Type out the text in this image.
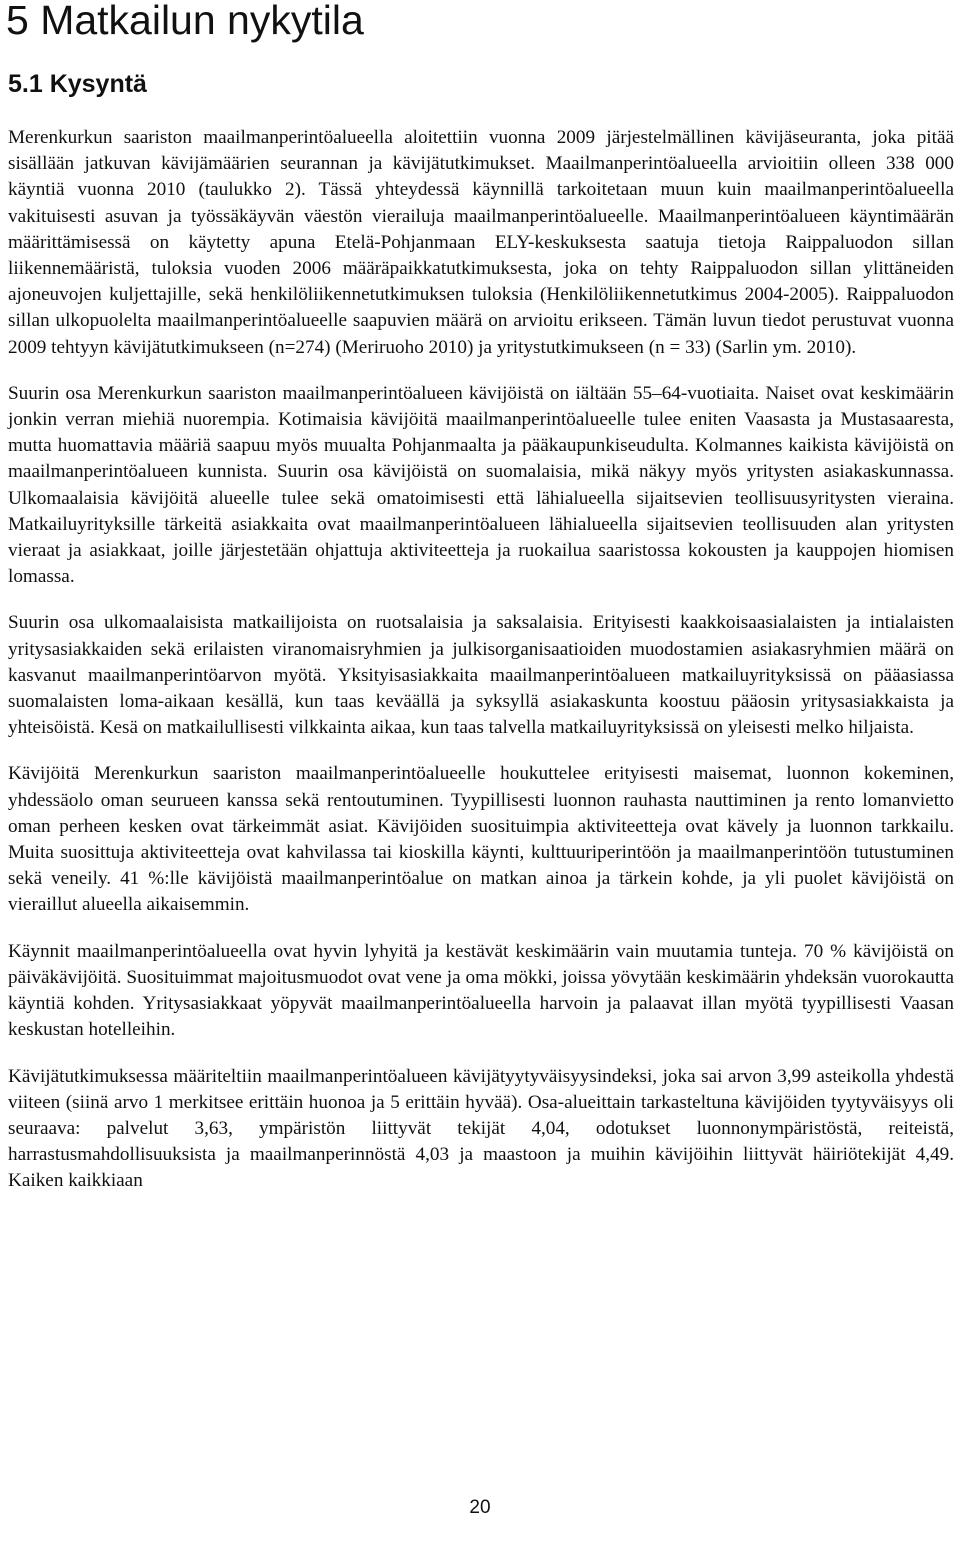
5 Matkailun nykytila
5.1 Kysyntä

Merenkurkun saariston maailmanperintöalueella aloitettiin vuonna 2009 järjestelmällinen kävijäseuranta, joka pitää sisällään jatkuvan kävijämäärien seurannan ja kävijätutkimukset. Maailmanperintöalueella arvioitiin olleen 338 000 käyntiä vuonna 2010 (taulukko 2). Tässä yhteydessä käynnillä tarkoitetaan muun kuin maailmanperintöalueella vakituisesti asuvan ja työssäkäyvän väestön vierailuja maailmanperintöalueelle. Maailmanperintöalueen käyntimäärän määrittämisessä on käytetty apuna Etelä-Pohjanmaan ELY-keskuksesta saatuja tietoja Raippaluodon sillan liikennemääristä, tuloksia vuoden 2006 määräpaikkatutkimuksesta, joka on tehty Raippaluodon sillan ylittäneiden ajoneuvojen kuljettajille, sekä henkilöliikennetutkimuksen tuloksia (Henkilöliikennetutkimus 2004-2005). Raippaluodon sillan ulkopuolelta maailmanperintöalueelle saapuvien määrä on arvioitu erikseen. Tämän luvun tiedot perustuvat vuonna 2009 tehtyyn kävijätutkimukseen (n=274) (Meriruoho 2010) ja yritystutkimukseen (n = 33) (Sarlin ym. 2010).

Suurin osa Merenkurkun saariston maailmanperintöalueen kävijöistä on iältään 55–64-vuotiaita. Naiset ovat keskimäärin jonkin verran miehiä nuorempia. Kotimaisia kävijöitä maailmanperintöalueelle tulee eniten Vaasasta ja Mustasaaresta, mutta huomattavia määriä saapuu myös muualta Pohjanmaalta ja pääkaupunkiseudulta. Kolmannes kaikista kävijöistä on maailmanperintöalueen kunnista. Suurin osa kävijöistä on suomalaisia, mikä näkyy myös yritysten asiakaskunnassa. Ulkomaalaisia kävijöitä alueelle tulee sekä omatoimisesti että lähialueella sijaitsevien teollisuusyritysten vieraina. Matkailuyrityksille tärkeitä asiakkaita ovat maailmanperintöalueen lähialueella sijaitsevien teollisuuden alan yritysten vieraat ja asiakkaat, joille järjestetään ohjattuja aktiviteetteja ja ruokailua saaristossa kokousten ja kauppojen hiomisen lomassa.

Suurin osa ulkomaalaisista matkailijoista on ruotsalaisia ja saksalaisia. Erityisesti kaakkoisaasialaisten ja intialaisten yritysasiakkaiden sekä erilaisten viranomaisryhmien ja julkisorganisaatioiden muodostamien asiakasryhmien määrä on kasvanut maailmanperintöarvon myötä. Yksityisasiakkaita maailmanperintöalueen matkailuyrityksissä on pääasiassa suomalaisten loma-aikaan kesällä, kun taas keväällä ja syksyllä asiakaskunta koostuu pääosin yritysasiakkaista ja yhteisöistä. Kesä on matkailullisesti vilkkainta aikaa, kun taas talvella matkailuyrityksissä on yleisesti melko hiljaista.

Kävijöitä Merenkurkun saariston maailmanperintöalueelle houkuttelee erityisesti maisemat, luonnon kokeminen, yhdessäolo oman seurueen kanssa sekä rentoutuminen. Tyypillisesti luonnon rauhasta nauttiminen ja rento lomanvietto oman perheen kesken ovat tärkeimmät asiat. Kävijöiden suosituimpia aktiviteetteja ovat kävely ja luonnon tarkkailu. Muita suosittuja aktiviteetteja ovat kahvilassa tai kioskilla käynti, kulttuuriperintöön ja maailmanperintöön tutustuminen sekä veneily. 41 %:lle kävijöistä maailmanperintöalue on matkan ainoa ja tärkein kohde, ja yli puolet kävijöistä on vieraillut alueella aikaisemmin.

Käynnit maailmanperintöalueella ovat hyvin lyhyitä ja kestävät keskimäärin vain muutamia tunteja. 70 % kävijöistä on päiväkävijöitä. Suosituimmat majoitusmuodot ovat vene ja oma mökki, joissa yövytään keskimäärin yhdeksän vuorokautta käyntiä kohden. Yritysasiakkaat yöpyvät maailmanperintöalueella harvoin ja palaavat illan myötä tyypillisesti Vaasan keskustan hotelleihin.

Kävijätutkimuksessa määriteltiin maailmanperintöalueen kävijätyytyväisyysindeksi, joka sai arvon 3,99 asteikolla yhdestä viiteen (siinä arvo 1 merkitsee erittäin huonoa ja 5 erittäin hyvää). Osa-alueittain tarkasteltuna kävijöiden tyytyväisyys oli seuraava: palvelut 3,63, ympäristön liittyvät tekijät 4,04, odotukset luonnonympäristöstä, reiteistä, harrastusmahdollisuuksista ja maailmanperinnöstä 4,03 ja maastoon ja muihin kävijöihin liittyvät häiriötekijät 4,49. Kaiken kaikkiaan

20
